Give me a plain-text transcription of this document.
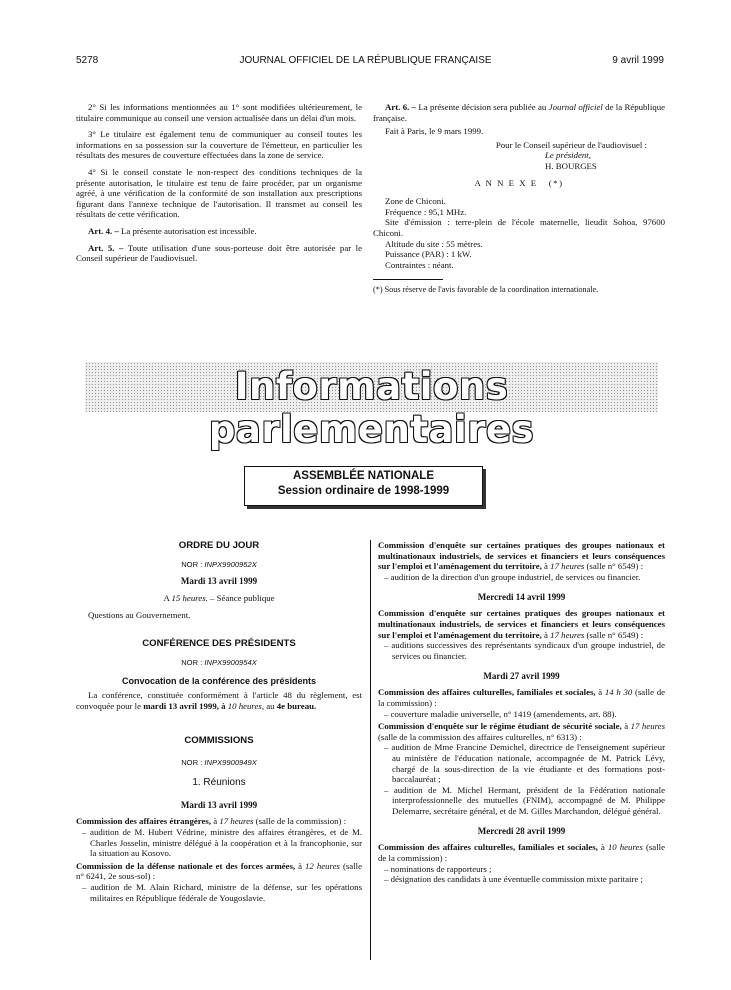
5278	JOURNAL OFFICIEL DE LA RÉPUBLIQUE FRANÇAISE	9 avril 1999

2° Si les informations mentionnées au 1° sont modifiées ultérieurement, le titulaire communique au conseil une version actualisée dans un délai d'un mois.

3° Le titulaire est également tenu de communiquer au conseil toutes les informations en sa possession sur la couverture de l'émetteur, en particulier les résultats des mesures de couverture effectuées dans la zone de service.

4° Si le conseil constate le non-respect des conditions techniques de la présente autorisation, le titulaire est tenu de faire procéder, par un organisme agréé, à une vérification de la conformité de son installation aux prescriptions figurant dans l'annexe technique de l'autorisation. Il transmet au conseil les résultats de cette vérification.

Art. 4. – La présente autorisation est incessible.

Art. 5. – Toute utilisation d'une sous-porteuse doit être autorisée par le Conseil supérieur de l'audiovisuel.

Art. 6. – La présente décision sera publiée au Journal officiel de la République française.

Fait à Paris, le 9 mars 1999.

Pour le Conseil supérieur de l'audiovisuel :

Le président,

H. BOURGES

A N N E X E   (*)

Zone de Chiconi.

Fréquence : 95,1 MHz.

Site d'émission : terre-plein de l'école maternelle, lieudit Sohoa, 97600 Chiconi.

Altitude du site : 55 mètres.

Puissance (PAR) : 1 kW.

Contraintes : néant.

(*) Sous réserve de l'avis favorable de la coordination internationale.

Informations parlementaires
ASSEMBLÉE NATIONALE
Session ordinaire de 1998-1999

ORDRE DU JOUR

NOR : INPX9900952X

Mardi 13 avril 1999

A 15 heures. – Séance publique

Questions au Gouvernement.

CONFÉRENCE DES PRÉSIDENTS

NOR : INPX9900954X

Convocation de la conférence des présidents

La conférence, constituée conformément à l'article 48 du règlement, est convoquée pour le mardi 13 avril 1999, à 10 heures, au 4e bureau.

COMMISSIONS

NOR : INPX9900949X

1. Réunions

Mardi 13 avril 1999

Commission des affaires étrangères, à 17 heures (salle de la commission) :

– audition de M. Hubert Védrine, ministre des affaires étrangères, et de M. Charles Josselin, ministre délégué à la coopération et à la francophonie, sur la situation au Kosovo.

Commission de la défense nationale et des forces armées, à 12 heures (salle n° 6241, 2e sous-sol) :

– audition de M. Alain Richard, ministre de la défense, sur les opérations militaires en République fédérale de Yougoslavie.

Commission d'enquête sur certaines pratiques des groupes nationaux et multinationaux industriels, de services et financiers et leurs conséquences sur l'emploi et l'aménagement du territoire, à 17 heures (salle n° 6549) :

– audition de la direction d'un groupe industriel, de services ou financier.

Mercredi 14 avril 1999

Commission d'enquête sur certaines pratiques des groupes nationaux et multinationaux industriels, de services et financiers et leurs conséquences sur l'emploi et l'aménagement du territoire, à 17 heures (salle n° 6549) :

– auditions successives des représentants syndicaux d'un groupe industriel, de services ou financier.

Mardi 27 avril 1999

Commission des affaires culturelles, familiales et sociales, à 14 h 30 (salle de la commission) :

– couverture maladie universelle, n° 1419 (amendements, art. 88).

Commission d'enquête sur le régime étudiant de sécurité sociale, à 17 heures (salle de la commission des affaires culturelles, n° 6313) :

– audition de Mme Francine Demichel, directrice de l'enseignement supérieur au ministère de l'éducation nationale, accompagnée de M. Patrick Lévy, chargé de la sous-direction de la vie étudiante et des formations post-baccalauréat ;

– audition de M. Michel Hermant, président de la Fédération nationale interprofessionnelle des mutuelles (FNIM), accompagné de M. Philippe Delemarre, secrétaire général, et de M. Gilles Marchandon, délégué général.

Mercredi 28 avril 1999

Commission des affaires culturelles, familiales et sociales, à 10 heures (salle de la commission) :

– nominations de rapporteurs ;

– désignation des candidats à une éventuelle commission mixte paritaire ;
